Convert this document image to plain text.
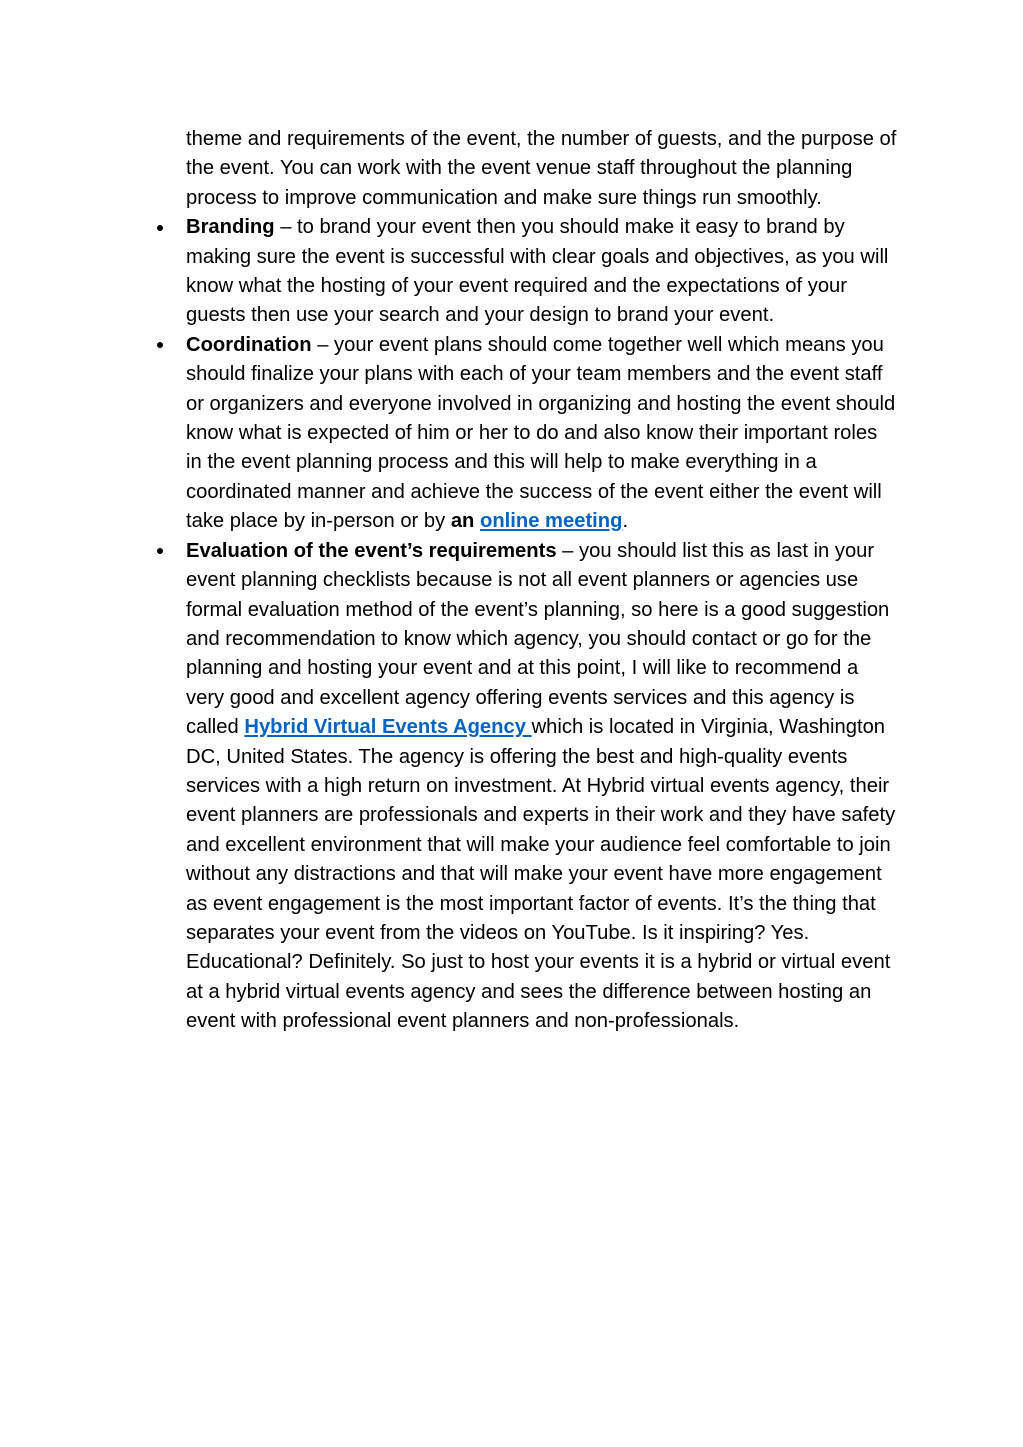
theme and requirements of the event, the number of guests, and the purpose of the event. You can work with the event venue staff throughout the planning process to improve communication and make sure things run smoothly.

Branding – to brand your event then you should make it easy to brand by making sure the event is successful with clear goals and objectives, as you will know what the hosting of your event required and the expectations of your guests then use your search and your design to brand your event.
Coordination – your event plans should come together well which means you should finalize your plans with each of your team members and the event staff or organizers and everyone involved in organizing and hosting the event should know what is expected of him or her to do and also know their important roles in the event planning process and this will help to make everything in a coordinated manner and achieve the success of the event either the event will take place by in-person or by an online meeting.
Evaluation of the event’s requirements – you should list this as last in your event planning checklists because is not all event planners or agencies use formal evaluation method of the event’s planning, so here is a good suggestion and recommendation to know which agency, you should contact or go for the planning and hosting your event and at this point, I will like to recommend a very good and excellent agency offering events services and this agency is called Hybrid Virtual Events Agency which is located in Virginia, Washington DC, United States. The agency is offering the best and high-quality events services with a high return on investment. At Hybrid virtual events agency, their event planners are professionals and experts in their work and they have safety and excellent environment that will make your audience feel comfortable to join without any distractions and that will make your event have more engagement as event engagement is the most important factor of events. It’s the thing that separates your event from the videos on YouTube. Is it inspiring? Yes. Educational? Definitely. So just to host your events it is a hybrid or virtual event at a hybrid virtual events agency and sees the difference between hosting an event with professional event planners and non-professionals.
